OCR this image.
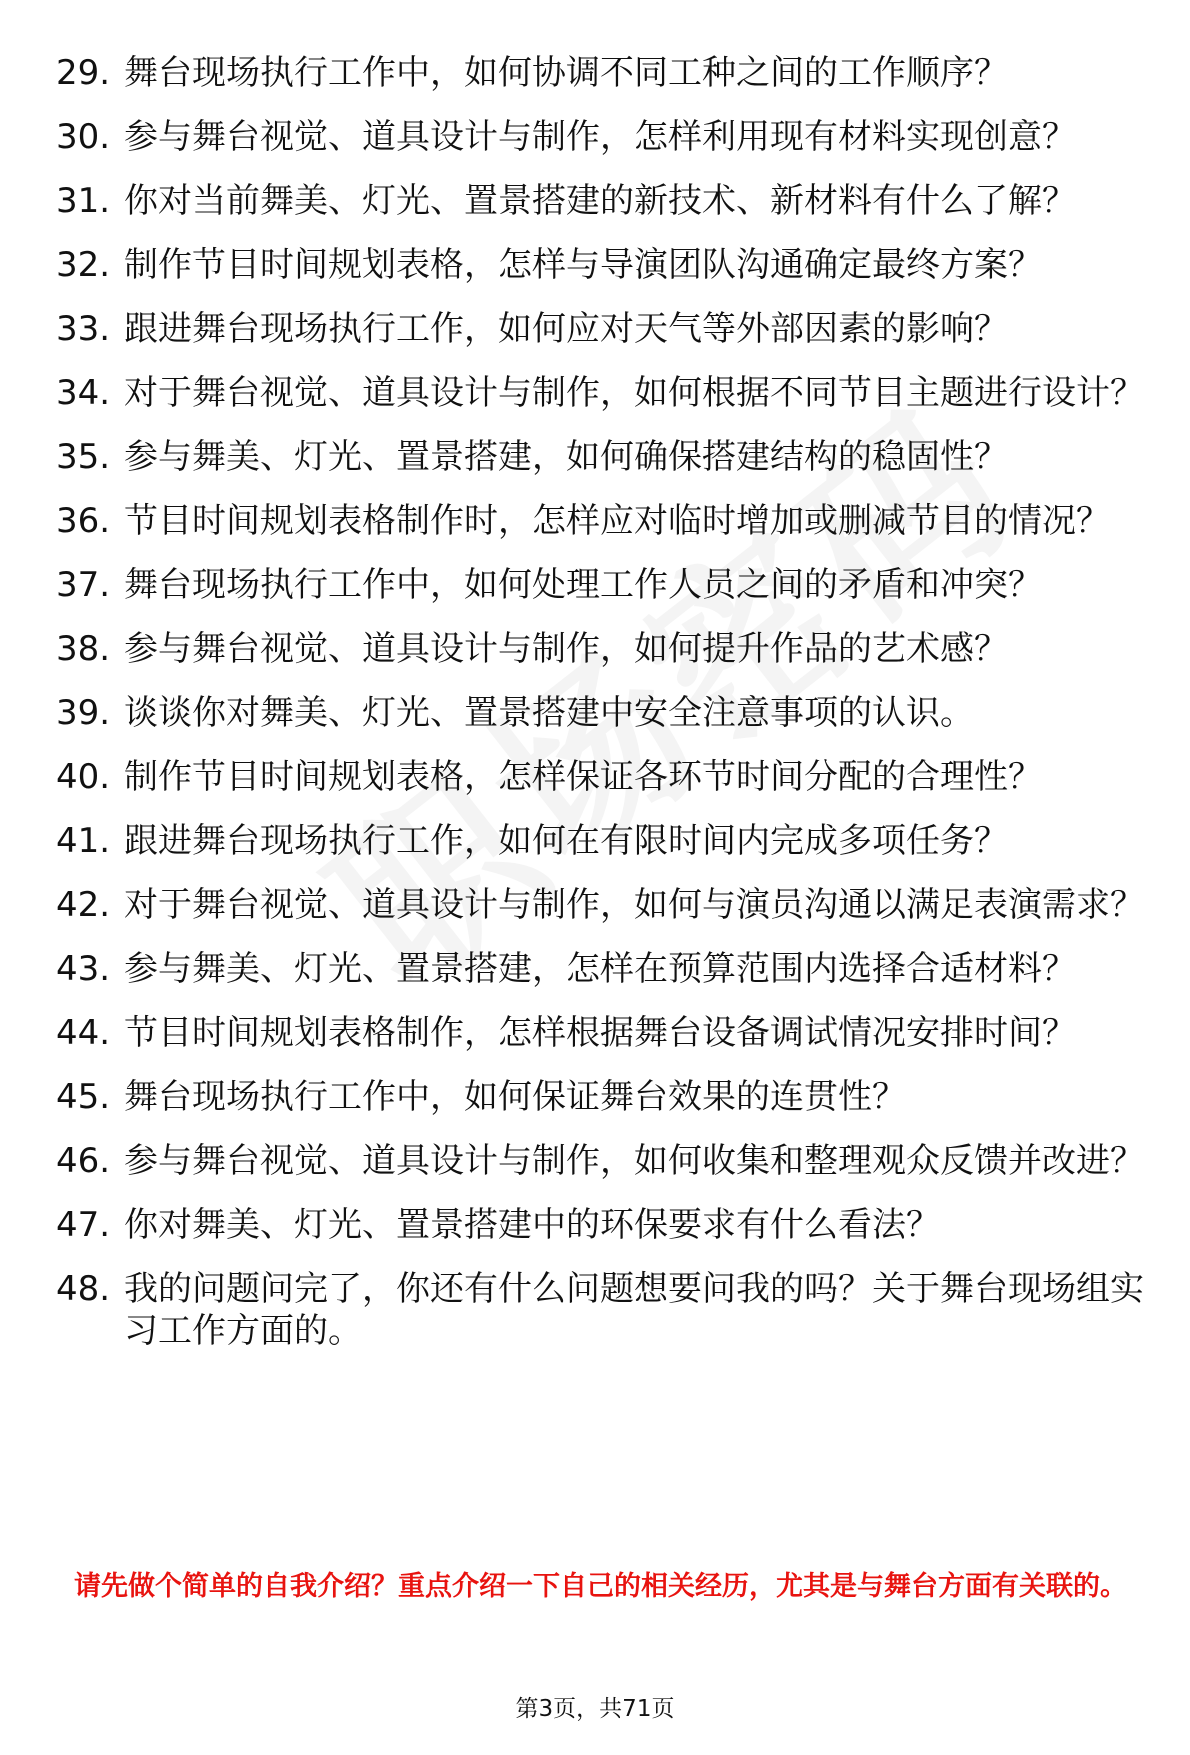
29. 舞台现场执行工作中，如何协调不同工种之间的工作顺序？
30. 参与舞台视觉、道具设计与制作，怎样利用现有材料实现创意？
31. 你对当前舞美、灯光、置景搭建的新技术、新材料有什么了解？
32. 制作节目时间规划表格，怎样与导演团队沟通确定最终方案？
33. 跟进舞台现场执行工作，如何应对天气等外部因素的影响？
34. 对于舞台视觉、道具设计与制作，如何根据不同节目主题进行设计？
35. 参与舞美、灯光、置景搭建，如何确保搭建结构的稳固性？
36. 节目时间规划表格制作时，怎样应对临时增加或删减节目的情况？
37. 舞台现场执行工作中，如何处理工作人员之间的矛盾和冲突？
38. 参与舞台视觉、道具设计与制作，如何提升作品的艺术感？
39. 谈谈你对舞美、灯光、置景搭建中安全注意事项的认识。
40. 制作节目时间规划表格，怎样保证各环节时间分配的合理性？
41. 跟进舞台现场执行工作，如何在有限时间内完成多项任务？
42. 对于舞台视觉、道具设计与制作，如何与演员沟通以满足表演需求？
43. 参与舞美、灯光、置景搭建，怎样在预算范围内选择合适材料？
44. 节目时间规划表格制作，怎样根据舞台设备调试情况安排时间？
45. 舞台现场执行工作中，如何保证舞台效果的连贯性？
46. 参与舞台视觉、道具设计与制作，如何收集和整理观众反馈并改进？
47. 你对舞美、灯光、置景搭建中的环保要求有什么看法？
48. 我的问题问完了，你还有什么问题想要问我的吗？关于舞台现场组实习工作方面的。
请先做个简单的自我介绍？重点介绍一下自己的相关经历，尤其是与舞台方面有关联的。
第3页，共71页
